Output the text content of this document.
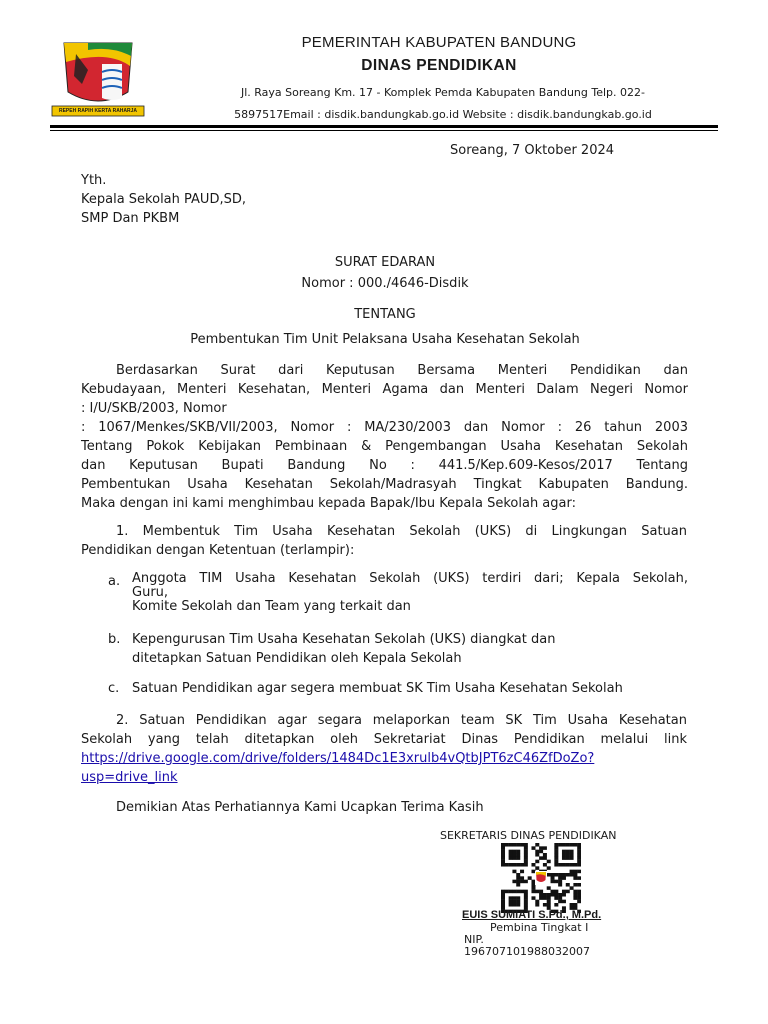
REPEH RAPIH KERTA RAHARJA
PEMERINTAH KABUPATEN BANDUNG
DINAS PENDIDIKAN
Jl. Raya Soreang Km. 17 - Komplek Pemda Kabupaten Bandung Telp. 022-
5897517Email : disdik.bandungkab.go.id Website : disdik.bandungkab.go.id
Soreang, 7 Oktober 2024
Yth.
Kepala Sekolah PAUD,SD,
SMP Dan PKBM
SURAT EDARAN
Nomor : 000./4646-Disdik
TENTANG
Pembentukan Tim Unit Pelaksana Usaha Kesehatan Sekolah
Berdasarkan Surat dari Keputusan Bersama Menteri Pendidikan dan
Kebudayaan, Menteri Kesehatan, Menteri Agama dan Menteri Dalam Negeri Nomor
: I/U/SKB/2003, Nomor
: 1067/Menkes/SKB/VII/2003, Nomor : MA/230/2003 dan Nomor : 26 tahun 2003
Tentang Pokok Kebijakan Pembinaan & Pengembangan Usaha Kesehatan Sekolah
dan Keputusan Bupati Bandung No : 441.5/Kep.609-Kesos/2017 Tentang
Pembentukan Usaha Kesehatan Sekolah/Madrasyah Tingkat Kabupaten Bandung.
Maka dengan ini kami menghimbau kepada Bapak/Ibu Kepala Sekolah agar:
1. Membentuk Tim Usaha Kesehatan Sekolah (UKS) di Lingkungan Satuan
Pendidikan dengan Ketentuan (terlampir):
a. Anggota TIM Usaha Kesehatan Sekolah (UKS) terdiri dari; Kepala Sekolah,
Guru,
Komite Sekolah dan Team yang terkait dan
b. Kepengurusan Tim Usaha Kesehatan Sekolah (UKS) diangkat dan
ditetapkan Satuan Pendidikan oleh Kepala Sekolah
c. Satuan Pendidikan agar segera membuat SK Tim Usaha Kesehatan Sekolah
2. Satuan Pendidikan agar segara melaporkan team SK Tim Usaha Kesehatan
Sekolah yang telah ditetapkan oleh Sekretariat Dinas Pendidikan melalui link
https://drive.google.com/drive/folders/1484Dc1E3xrulb4vQtbJPT6zC46ZfDoZo?
usp=drive_link
Demikian Atas Perhatiannya Kami Ucapkan Terima Kasih
SEKRETARIS DINAS PENDIDIKAN
EUIS SUMIATI S.Pd., M.Pd.
Pembina Tingkat I
NIP.
196707101988032007
